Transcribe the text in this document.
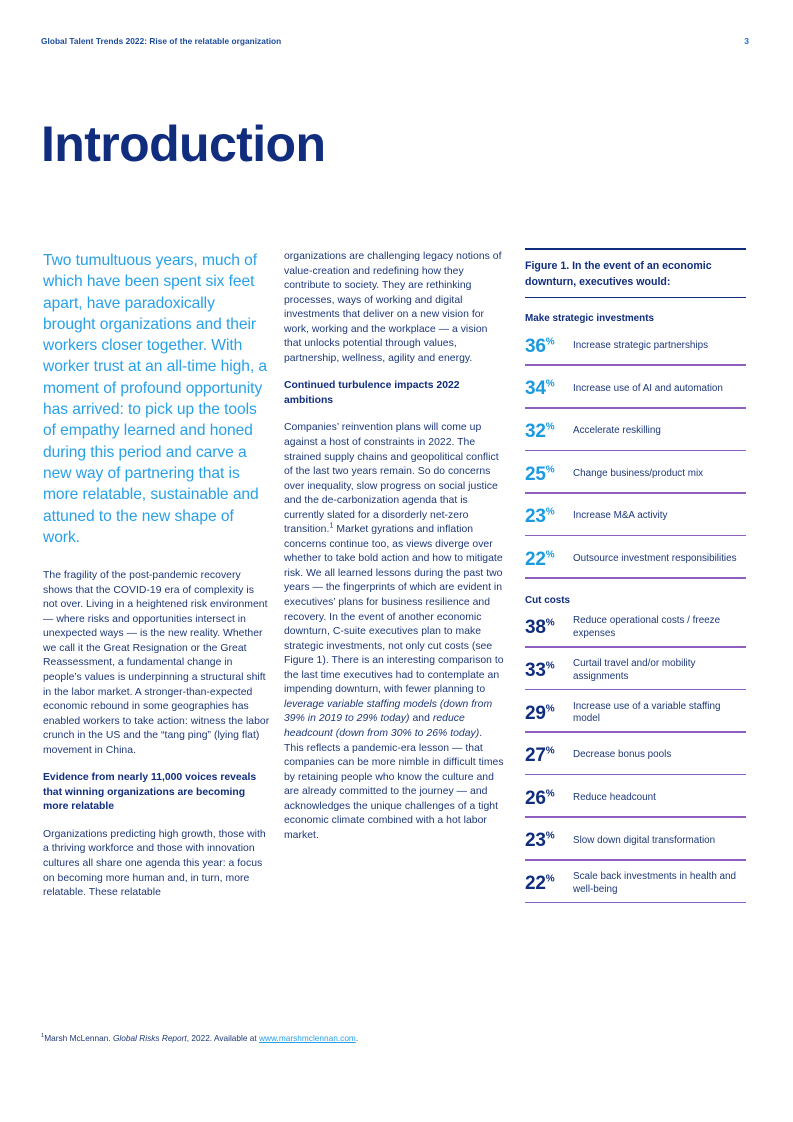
Global Talent Trends 2022: Rise of the relatable organization	3
Introduction

Two tumultuous years, much of which have been spent six feet apart, have paradoxically brought organizations and their workers closer together. With worker trust at an all-time high, a moment of profound opportunity has arrived: to pick up the tools of empathy learned and honed during this period and carve a new way of partnering that is more relatable, sustainable and attuned to the new shape of work.

The fragility of the post-pandemic recovery shows that the COVID-19 era of complexity is not over. Living in a heightened risk environment — where risks and opportunities intersect in unexpected ways — is the new reality. Whether we call it the Great Resignation or the Great Reassessment, a fundamental change in people’s values is underpinning a structural shift in the labor market. A stronger-than-expected economic rebound in some geographies has enabled workers to take action: witness the labor crunch in the US and the “tang ping” (lying flat) movement in China.

Evidence from nearly 11,000 voices reveals that winning organizations are becoming more relatable

Organizations predicting high growth, those with a thriving workforce and those with innovation cultures all share one agenda this year: a focus on becoming more human and, in turn, more relatable. These relatable

organizations are challenging legacy notions of value-creation and redefining how they contribute to society. They are rethinking processes, ways of working and digital investments that deliver on a new vision for work, working and the workplace — a vision that unlocks potential through values, partnership, wellness, agility and energy.

Continued turbulence impacts 2022 ambitions

Companies’ reinvention plans will come up against a host of constraints in 2022. The strained supply chains and geopolitical conflict of the last two years remain. So do concerns over inequality, slow progress on social justice and the de-carbonization agenda that is currently slated for a disorderly net-zero transition.$^1$ Market gyrations and inflation concerns continue too, as views diverge over whether to take bold action and how to mitigate risk. We all learned lessons during the past two years — the fingerprints of which are evident in executives’ plans for business resilience and recovery. In the event of another economic downturn, C-suite executives plan to make strategic investments, not only cut costs (see Figure 1). There is an interesting comparison to the last time executives had to contemplate an impending downturn, with fewer planning to leverage variable staffing models (down from 39% in 2019 to 29% today) and reduce headcount (down from 30% to 26% today). This reflects a pandemic-era lesson — that companies can be more nimble in difficult times by retaining people who know the culture and are already committed to the journey — and acknowledges the unique challenges of a tight economic climate combined with a hot labor market.

Figure 1. In the event of an economic downturn, executives would:
Make strategic investments
36%	Increase strategic partnerships
34%	Increase use of AI and automation
32%	Accelerate reskilling
25%	Change business/product mix
23%	Increase M&A activity
22%	Outsource investment responsibilities
Cut costs
38%	Reduce operational costs / freeze expenses
33%	Curtail travel and/or mobility assignments
29%	Increase use of a variable staffing model
27%	Decrease bonus pools
26%	Reduce headcount
23%	Slow down digital transformation
22%	Scale back investments in health and well-being
$^1$Marsh McLennan. Global Risks Report, 2022. Available at www.marshmclennan.com.
